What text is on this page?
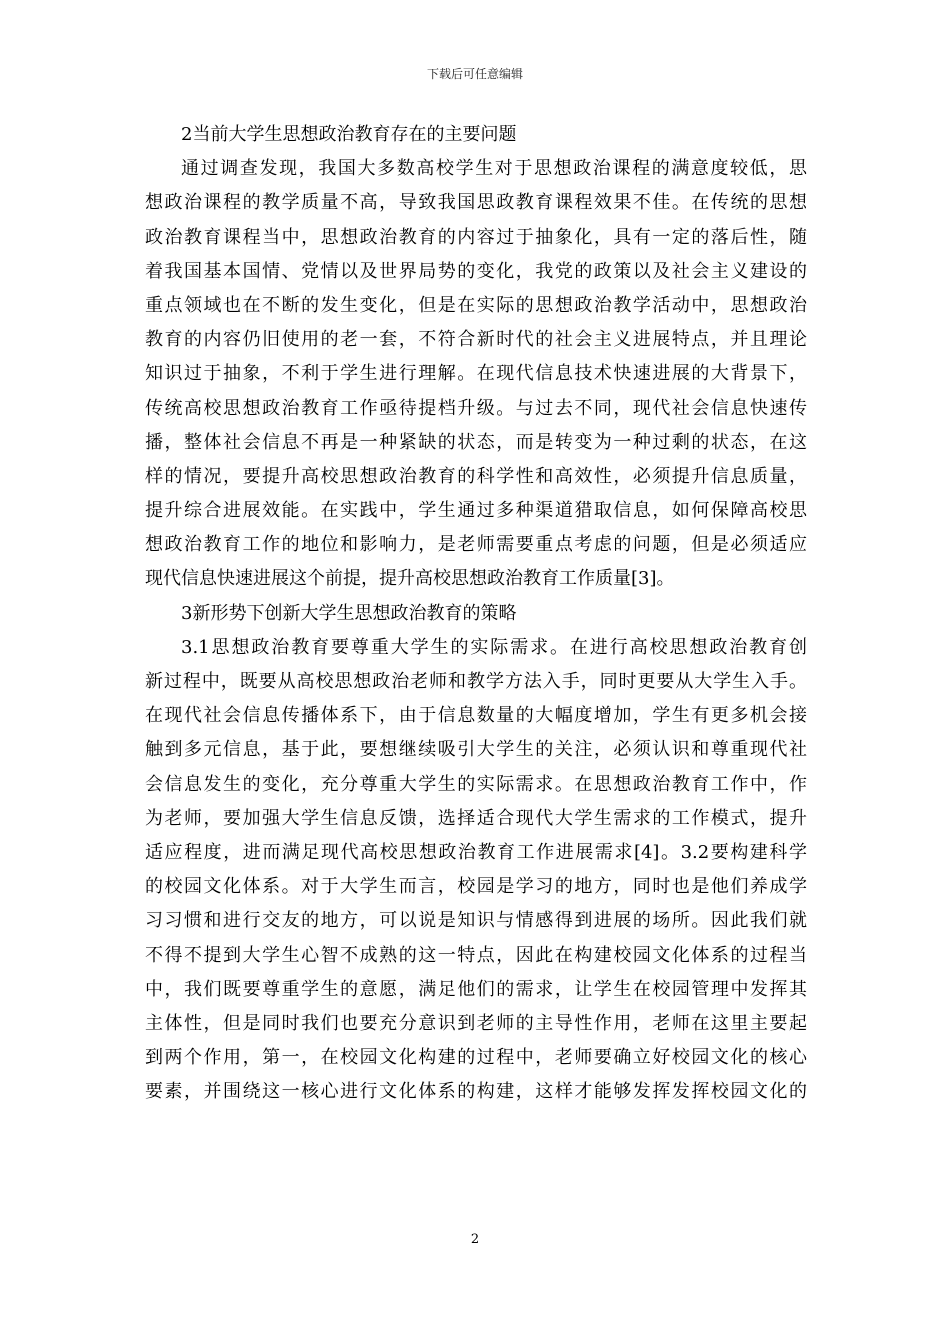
下载后可任意编辑
2当前大学生思想政治教育存在的主要问题
通过调查发现，我国大多数高校学生对于思想政治课程的满意度较低，思
想政治课程的教学质量不高，导致我国思政教育课程效果不佳。在传统的思想
政治教育课程当中，思想政治教育的内容过于抽象化，具有一定的落后性，随
着我国基本国情、党情以及世界局势的变化，我党的政策以及社会主义建设的
重点领域也在不断的发生变化，但是在实际的思想政治教学活动中，思想政治
教育的内容仍旧使用的老一套，不符合新时代的社会主义进展特点，并且理论
知识过于抽象，不利于学生进行理解。在现代信息技术快速进展的大背景下，
传统高校思想政治教育工作亟待提档升级。与过去不同，现代社会信息快速传
播，整体社会信息不再是一种紧缺的状态，而是转变为一种过剩的状态，在这
样的情况，要提升高校思想政治教育的科学性和高效性，必须提升信息质量，
提升综合进展效能。在实践中，学生通过多种渠道猎取信息，如何保障高校思
想政治教育工作的地位和影响力，是老师需要重点考虑的问题，但是必须适应
现代信息快速进展这个前提，提升高校思想政治教育工作质量[3]。
3新形势下创新大学生思想政治教育的策略
3.1思想政治教育要尊重大学生的实际需求。在进行高校思想政治教育创
新过程中，既要从高校思想政治老师和教学方法入手，同时更要从大学生入手。
在现代社会信息传播体系下，由于信息数量的大幅度增加，学生有更多机会接
触到多元信息，基于此，要想继续吸引大学生的关注，必须认识和尊重现代社
会信息发生的变化，充分尊重大学生的实际需求。在思想政治教育工作中，作
为老师，要加强大学生信息反馈，选择适合现代大学生需求的工作模式，提升
适应程度，进而满足现代高校思想政治教育工作进展需求[4]。3.2要构建科学
的校园文化体系。对于大学生而言，校园是学习的地方，同时也是他们养成学
习习惯和进行交友的地方，可以说是知识与情感得到进展的场所。因此我们就
不得不提到大学生心智不成熟的这一特点，因此在构建校园文化体系的过程当
中，我们既要尊重学生的意愿，满足他们的需求，让学生在校园管理中发挥其
主体性，但是同时我们也要充分意识到老师的主导性作用，老师在这里主要起
到两个作用，第一，在校园文化构建的过程中，老师要确立好校园文化的核心
要素，并围绕这一核心进行文化体系的构建，这样才能够发挥发挥校园文化的
2
